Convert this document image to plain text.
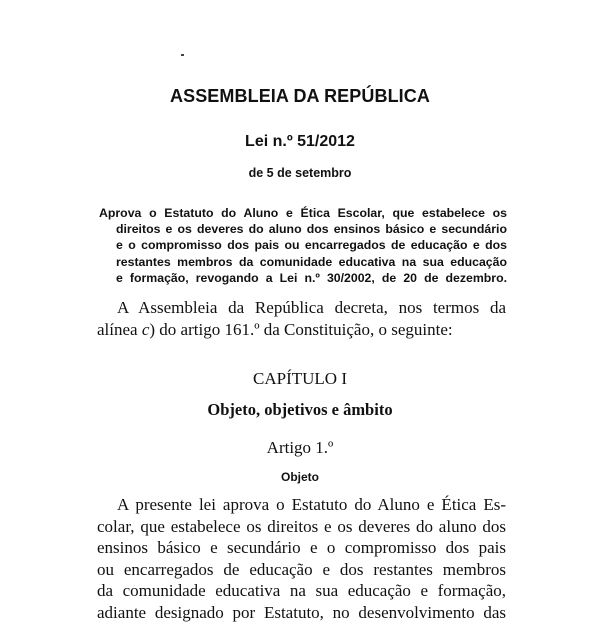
ASSEMBLEIA DA REPÚBLICA
Lei n.º 51/2012
de 5 de setembro
Aprova o Estatuto do Aluno e Ética Escolar, que estabelece os
direitos e os deveres do aluno dos ensinos básico e secundário
e o compromisso dos pais ou encarregados de educação e dos
restantes membros da comunidade educativa na sua educação
e formação, revogando a Lei n.º 30/2002, de 20 de dezembro.
A Assembleia da República decreta, nos termos da
alínea c) do artigo 161.º da Constituição, o seguinte:
CAPÍTULO I
Objeto, objetivos e âmbito
Artigo 1.º
Objeto
A presente lei aprova o Estatuto do Aluno e Ética Es-
colar, que estabelece os direitos e os deveres do aluno dos
ensinos básico e secundário e o compromisso dos pais
ou encarregados de educação e dos restantes membros
da comunidade educativa na sua educação e formação,
adiante designado por Estatuto, no desenvolvimento das
